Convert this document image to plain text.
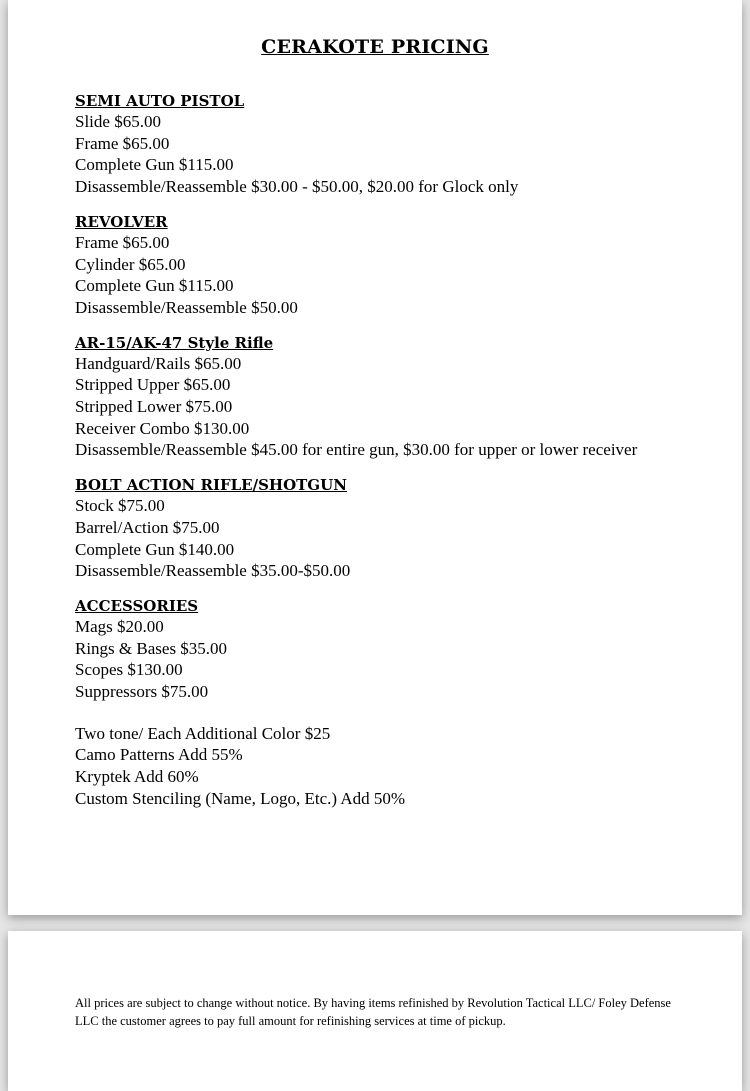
CERAKOTE PRICING
SEMI AUTO PISTOL
Slide $65.00
Frame $65.00
Complete Gun $115.00
Disassemble/Reassemble $30.00 - $50.00, $20.00 for Glock only
REVOLVER
Frame $65.00
Cylinder $65.00
Complete Gun $115.00
Disassemble/Reassemble $50.00
AR-15/AK-47 Style Rifle
Handguard/Rails $65.00
Stripped Upper $65.00
Stripped Lower $75.00
Receiver Combo $130.00
Disassemble/Reassemble $45.00 for entire gun, $30.00 for upper or lower receiver
BOLT ACTION RIFLE/SHOTGUN
Stock $75.00
Barrel/Action $75.00
Complete Gun $140.00
Disassemble/Reassemble $35.00-$50.00
ACCESSORIES
Mags $20.00
Rings & Bases $35.00
Scopes $130.00
Suppressors $75.00
Two tone/ Each Additional Color $25
Camo Patterns Add 55%
Kryptek Add 60%
Custom Stenciling (Name, Logo, Etc.) Add 50%

All prices are subject to change without notice. By having items refinished by Revolution Tactical LLC/ Foley Defense LLC the customer agrees to pay full amount for refinishing services at time of pickup.
